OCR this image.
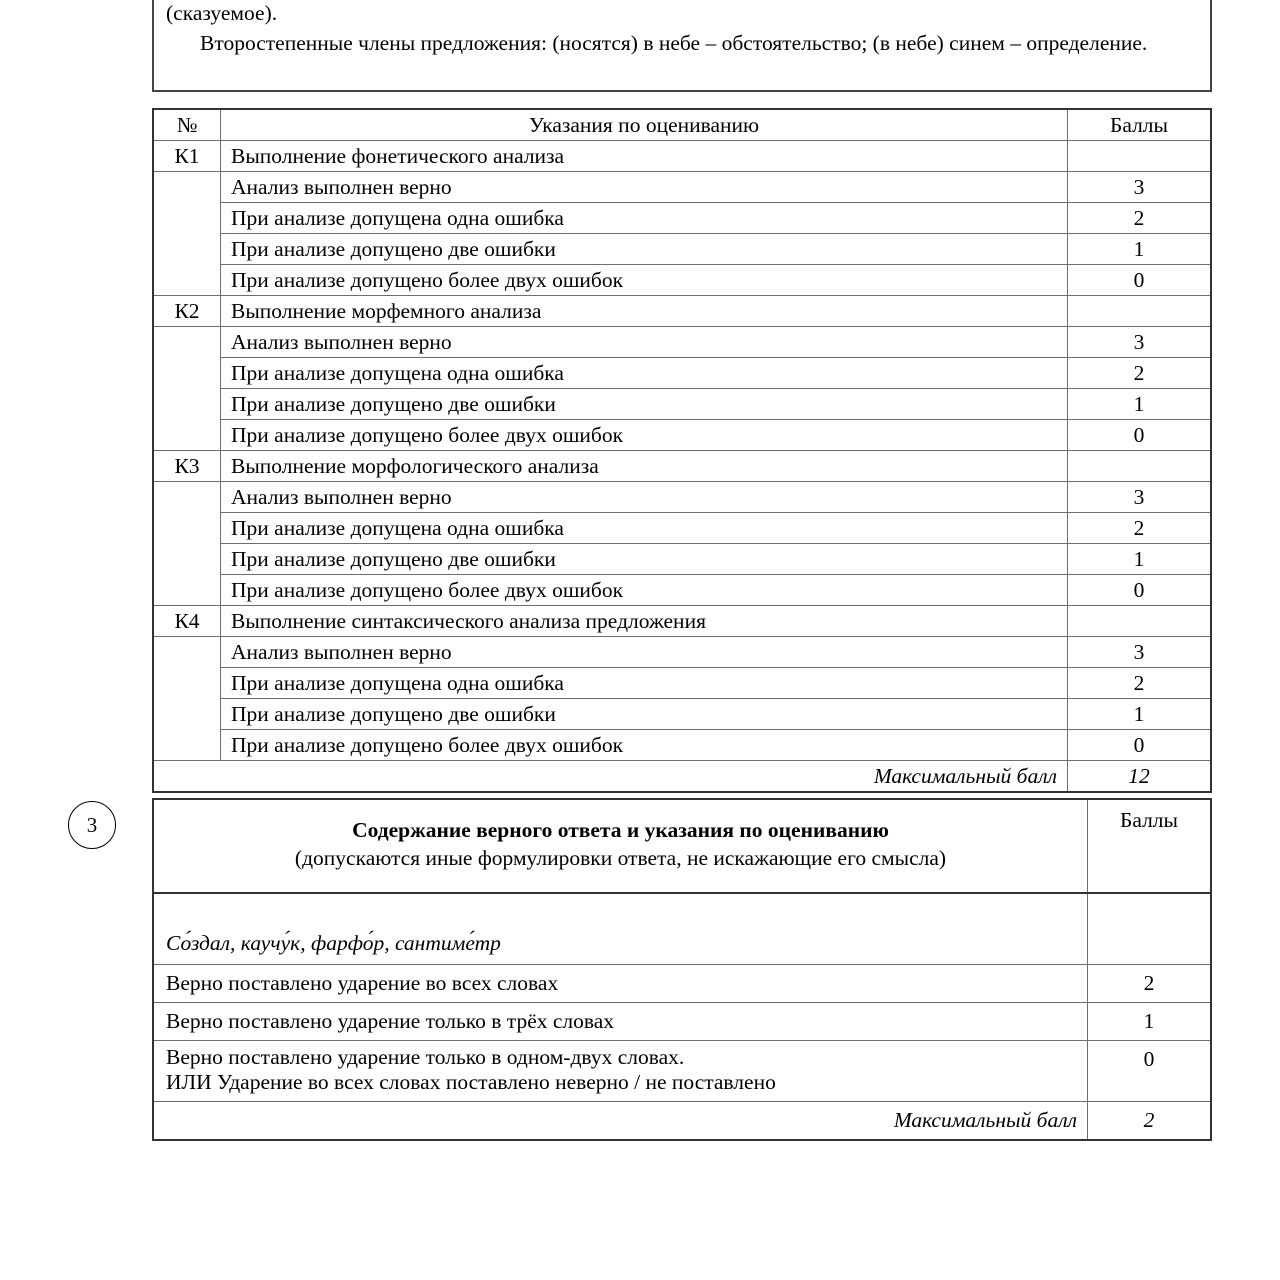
(сказуемое).

Второстепенные члены предложения: (носятся) в небе – обстоятельство; (в небе) синем – определение.

№	Указания по оцениванию	Баллы
К1	Выполнение фонетического анализа	
	Анализ выполнен верно	3
	При анализе допущена одна ошибка	2
	При анализе допущено две ошибки	1
	При анализе допущено более двух ошибок	0
К2	Выполнение морфемного анализа	
	Анализ выполнен верно	3
	При анализе допущена одна ошибка	2
	При анализе допущено две ошибки	1
	При анализе допущено более двух ошибок	0
К3	Выполнение морфологического анализа	
	Анализ выполнен верно	3
	При анализе допущена одна ошибка	2
	При анализе допущено две ошибки	1
	При анализе допущено более двух ошибок	0
К4	Выполнение синтаксического анализа предложения	
	Анализ выполнен верно	3
	При анализе допущена одна ошибка	2
	При анализе допущено две ошибки	1
	При анализе допущено более двух ошибок	0
Максимальный балл		12
3	Содержание верного ответа и указания по оцениванию
(допускаются иные формулировки ответа, не искажающие его смысла)	Баллы
Со́здал, каучу́к, фарфо́р, сантиме́тр	
Верно поставлено ударение во всех словах	2
Верно поставлено ударение только в трёх словах	1

Верно поставлено ударение только в одном-двух словах.
ИЛИ Ударение во всех словах поставлено неверно / не поставлено	0
Максимальный балл	2
